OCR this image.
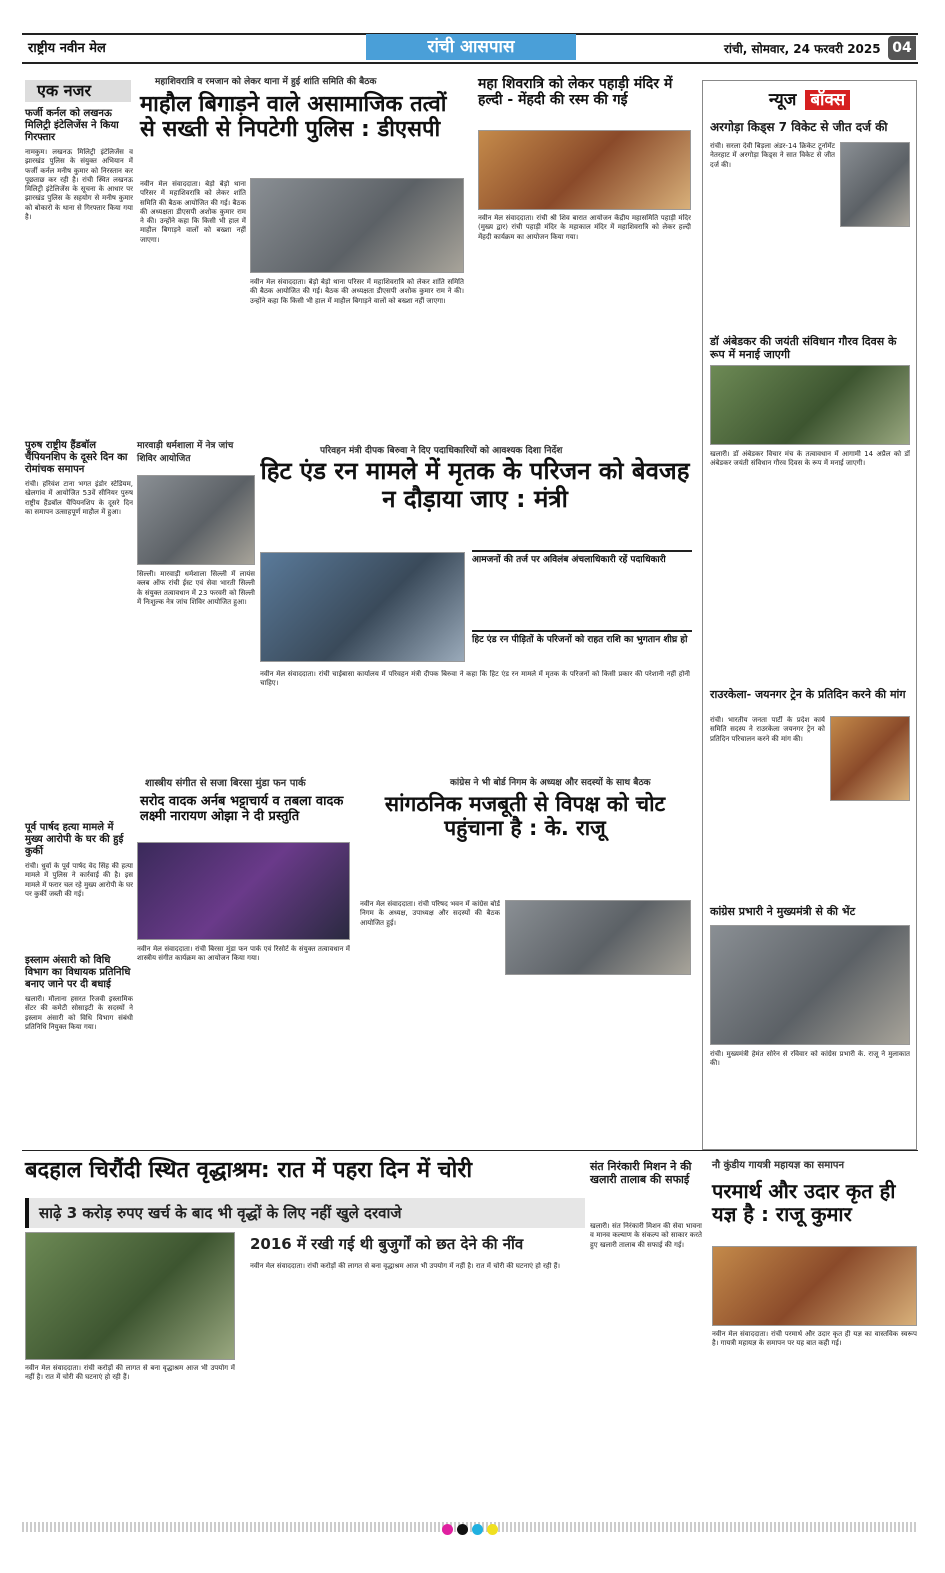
राष्ट्रीय नवीन मेल	रांची आसपास	रांची, सोमवार, 24 फरवरी 2025 04
एक नजर
फर्जी कर्नल को लखनऊ मिलिट्री इंटेलिजेंस ने किया गिरफ्तार
नामकुम। लखनऊ मिलिट्री इंटेलिजेंस व झारखंड पुलिस के संयुक्त अभियान में फर्जी कर्नल मनीष कुमार को निरस्तान कर पूछताछ कर रही है। रांची स्थित लखनऊ मिलिट्री इंटेलिजेंस के सूचना के आधार पर झारखंड पुलिस के सहयोग से मनीष कुमार को बोकारो के थाना से गिरफ्तार किया गया है।
पुरुष राष्ट्रीय हैंडबॉल चैंपियनशिप के दूसरे दिन का रोमांचक समापन
रांची। हरिवंश टाना भगत इंडोर स्टेडियम, खेलगांव में आयोजित 53वें सीनियर पुरुष राष्ट्रीय हैंडबॉल चैंपियनशिप के दूसरे दिन का समापन उत्साहपूर्ण माहौल में हुआ।
पूर्व पार्षद हत्या मामले में मुख्य आरोपी के घर की हुई कुर्की
रांची। धुर्वा के पूर्व पार्षद वेद सिंह की हत्या मामले में पुलिस ने कार्रवाई की है। इस मामले में फरार चल रहे मुख्य आरोपी के घर पर कुर्की जब्ती की गई।
इस्लाम अंसारी को विधि विभाग का विधायक प्रतिनिधि बनाए जाने पर दी बधाई
खलारी। मौलाना हसरत रिजवी इस्लामिक सेंटर की कमेटी सोसाइटी के सदस्यों ने इस्लाम अंसारी को विधि विभाग संबंधी प्रतिनिधि नियुक्त किया गया।
महाशिवरात्रि व रमजान को लेकर थाना में हुई शांति समिति की बैठक
माहौल बिगाड़ने वाले असामाजिक तत्वों से सख्ती से निपटेगी पुलिस : डीएसपी
नवीन मेल संवाददाता। बेड़ो बेड़ो थाना परिसर में महाशिवरात्रि को लेकर शांति समिति की बैठक आयोजित की गई। बैठक की अध्यक्षता डीएसपी अशोक कुमार राम ने की। उन्होंने कहा कि किसी भी हाल में माहौल बिगाड़ने वालों को बख्शा नहीं जाएगा।
नवीन मेल संवाददाता। बेड़ो बेड़ो थाना परिसर में महाशिवरात्रि को लेकर शांति समिति की बैठक आयोजित की गई। बैठक की अध्यक्षता डीएसपी अशोक कुमार राम ने की। उन्होंने कहा कि किसी भी हाल में माहौल बिगाड़ने वालों को बख्शा नहीं जाएगा।
महा शिवरात्रि को लेकर पहाड़ी मंदिर में हल्दी - मेंहदी की रस्म की गई
नवीन मेल संवाददाता। रांची श्री शिव बारात आयोजन केंद्रीय महासमिति पहाड़ी मंदिर (मुख्य द्वार) रांची पहाड़ी मंदिर के महाकाल मंदिर में महाशिवरात्रि को लेकर हल्दी मेंहदी कार्यक्रम का आयोजन किया गया।
मारवाड़ी धर्मशाला में नेत्र जांच शिविर आयोजित
सिल्ली। मारवाड़ी धर्मशाला सिल्ली में लायंस क्लब ऑफ रांची ईस्ट एवं सेवा भारती सिल्ली के संयुक्त तत्वावधान में 23 फरवरी को सिल्ली में निःशुल्क नेत्र जांच शिविर आयोजित हुआ।
परिवहन मंत्री दीपक बिरुवा ने दिए पदाधिकारियों को आवश्यक दिशा निर्देश
हिट एंड रन मामले में मृतक के परिजन को बेवजह न दौड़ाया जाए : मंत्री
आमजनों की तर्ज पर अविलंब अंचलाधिकारी रहें पदाधिकारी
हिट एंड रन पीड़ितों के परिजनों को राहत राशि का भुगतान शीघ्र हो
नवीन मेल संवाददाता। रांची चाईबासा कार्यालय में परिवहन मंत्री दीपक बिरुवा ने कहा कि हिट एंड रन मामले में मृतक के परिजनों को किसी प्रकार की परेशानी नहीं होनी चाहिए।
शास्त्रीय संगीत से सजा बिरसा मुंडा फन पार्क
सरोद वादक अर्नब भट्टाचार्य व तबला वादक लक्ष्मी नारायण ओझा ने दी प्रस्तुति
नवीन मेल संवाददाता। रांची बिरसा मुंडा फन पार्क एवं रिसोर्ट के संयुक्त तत्वावधान में शास्त्रीय संगीत कार्यक्रम का आयोजन किया गया।
कांग्रेस ने भी बोर्ड निगम के अध्यक्ष और सदस्यों के साथ बैठक
सांगठनिक मजबूती से विपक्ष को चोट पहुंचाना है : के. राजू
नवीन मेल संवाददाता। रांची परिषद भवन में कांग्रेस बोर्ड निगम के अध्यक्ष, उपाध्यक्ष और सदस्यों की बैठक आयोजित हुई।
न्यूज बॉक्स
अरगोड़ा किड्स 7 विकेट से जीत दर्ज की
रांची। सरला देवी बिड़ला अंडर-14 क्रिकेट टूर्नामेंट नेतरहाट में अरगोड़ा किड्स ने सात विकेट से जीत दर्ज की।
डॉ अंबेडकर की जयंती संविधान गौरव दिवस के रूप में मनाई जाएगी
खलारी। डॉ अंबेडकर विचार मंच के तत्वावधान में आगामी 14 अप्रैल को डॉ अंबेडकर जयंती संविधान गौरव दिवस के रूप में मनाई जाएगी।
राउरकेला- जयनगर ट्रेन के प्रतिदिन करने की मांग
रांची। भारतीय जनता पार्टी के प्रदेश कार्य समिति सदस्य ने राउरकेला जयनगर ट्रेन को प्रतिदिन परिचालन करने की मांग की।
कांग्रेस प्रभारी ने मुख्यमंत्री से की भेंट
रांची। मुख्यमंत्री हेमंत सोरेन से रविवार को कांग्रेस प्रभारी के. राजू ने मुलाकात की।
बदहाल चिरौंदी स्थित वृद्धाश्रम: रात में पहरा दिन में चोरी
साढ़े 3 करोड़ रुपए खर्च के बाद भी वृद्धों के लिए नहीं खुले दरवाजे
2016 में रखी गई थी बुजुर्गों को छत देने की नींव
नवीन मेल संवाददाता। रांची करोड़ों की लागत से बना वृद्धाश्रम आज भी उपयोग में नहीं है। रात में चोरी की घटनाएं हो रही हैं।
नवीन मेल संवाददाता। रांची करोड़ों की लागत से बना वृद्धाश्रम आज भी उपयोग में नहीं है। रात में चोरी की घटनाएं हो रही हैं।
संत निरंकारी मिशन ने की खलारी तालाब की सफाई
खलारी। संत निरंकारी मिशन की सेवा भावना व मानव कल्याण के संकल्प को साकार करते हुए खलारी तालाब की सफाई की गई।
नौ कुंडीय गायत्री महायज्ञ का समापन
परमार्थ और उदार कृत ही यज्ञ है : राजू कुमार
नवीन मेल संवाददाता। रांची परमार्थ और उदार कृत ही यज्ञ का वास्तविक स्वरूप है। गायत्री महायज्ञ के समापन पर यह बात कही गई।
